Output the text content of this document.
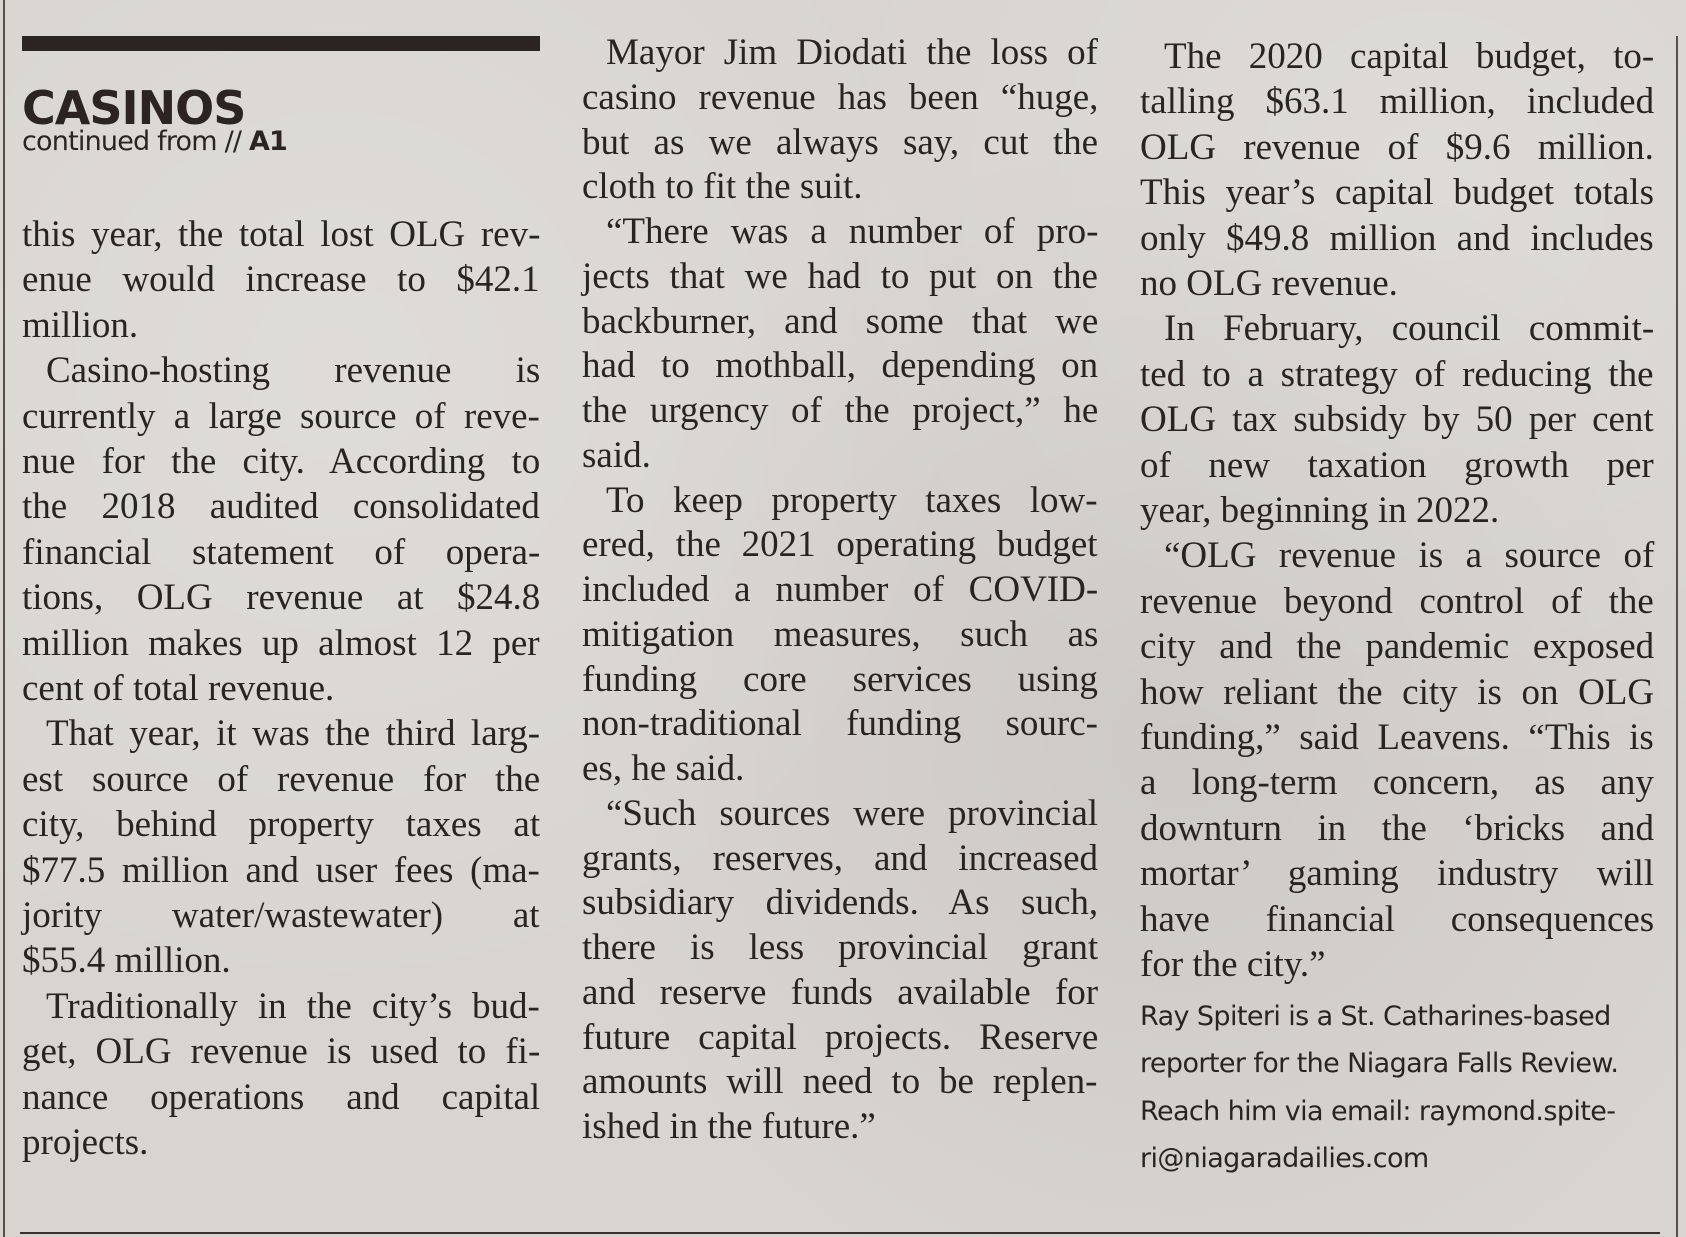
CASINOS
continued from // A1
this year, the total lost OLG rev-
enue would increase to $42.1
million.
Casino-hosting revenue is
currently a large source of reve-
nue for the city. According to
the 2018 audited consolidated
financial statement of opera-
tions, OLG revenue at $24.8
million makes up almost 12 per
cent of total revenue.
That year, it was the third larg-
est source of revenue for the
city, behind property taxes at
$77.5 million and user fees (ma-
jority water/wastewater) at
$55.4 million.
Traditionally in the city’s bud-
get, OLG revenue is used to fi-
nance operations and capital
projects.
Mayor Jim Diodati the loss of
casino revenue has been “huge,
but as we always say, cut the
cloth to fit the suit.
“There was a number of pro-
jects that we had to put on the
backburner, and some that we
had to mothball, depending on
the urgency of the project,” he
said.
To keep property taxes low-
ered, the 2021 operating budget
included a number of COVID-
mitigation measures, such as
funding core services using
non-traditional funding sourc-
es, he said.
“Such sources were provincial
grants, reserves, and increased
subsidiary dividends. As such,
there is less provincial grant
and reserve funds available for
future capital projects. Reserve
amounts will need to be replen-
ished in the future.”
The 2020 capital budget, to-
talling $63.1 million, included
OLG revenue of $9.6 million.
This year’s capital budget totals
only $49.8 million and includes
no OLG revenue.
In February, council commit-
ted to a strategy of reducing the
OLG tax subsidy by 50 per cent
of new taxation growth per
year, beginning in 2022.
“OLG revenue is a source of
revenue beyond control of the
city and the pandemic exposed
how reliant the city is on OLG
funding,” said Leavens. “This is
a long-term concern, as any
downturn in the ‘bricks and
mortar’ gaming industry will
have financial consequences
for the city.”
Ray Spiteri is a St. Catharines-based
reporter for the Niagara Falls Review.
Reach him via email: raymond.spite-
ri@niagaradailies.com
